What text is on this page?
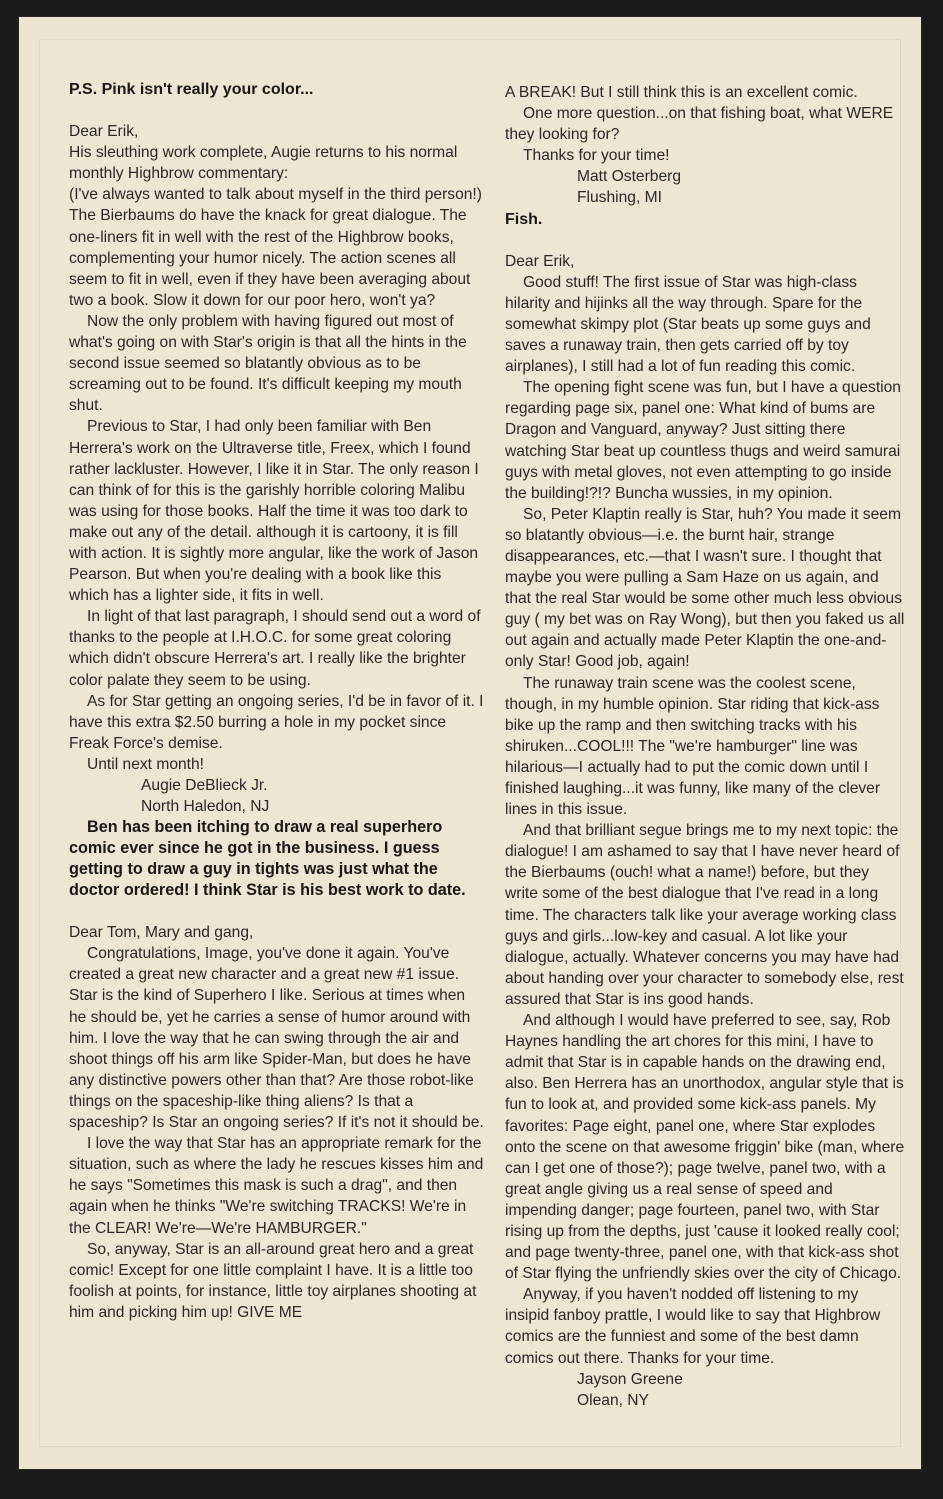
P.S. Pink isn't really your color...

Dear Erik,

His sleuthing work complete, Augie returns to his normal monthly Highbrow commentary:

(I've always wanted to talk about myself in the third person!)

The Bierbaums do have the knack for great dialogue. The one-liners fit in well with the rest of the Highbrow books, complementing your humor nicely. The action scenes all seem to fit in well, even if they have been averaging about two a book. Slow it down for our poor hero, won't ya?

Now the only problem with having figured out most of what's going on with Star's origin is that all the hints in the second issue seemed so blatantly obvious as to be screaming out to be found. It's difficult keeping my mouth shut.

Previous to Star, I had only been familiar with Ben Herrera's work on the Ultraverse title, Freex, which I found rather lackluster. However, I like it in Star. The only reason I can think of for this is the garishly horrible coloring Malibu was using for those books. Half the time it was too dark to make out any of the detail. although it is cartoony, it is fill with action. It is sightly more angular, like the work of Jason Pearson. But when you're dealing with a book like this which has a lighter side, it fits in well.

In light of that last paragraph, I should send out a word of thanks to the people at I.H.O.C. for some great coloring which didn't obscure Herrera's art. I really like the brighter color palate they seem to be using.

As for Star getting an ongoing series, I'd be in favor of it. I have this extra $2.50 burring a hole in my pocket since Freak Force's demise.

Until next month!

Augie DeBlieck Jr.

North Haledon, NJ

Ben has been itching to draw a real superhero comic ever since he got in the business. I guess getting to draw a guy in tights was just what the doctor ordered! I think Star is his best work to date.

Dear Tom, Mary and gang,

Congratulations, Image, you've done it again. You've created a great new character and a great new #1 issue. Star is the kind of Superhero I like. Serious at times when he should be, yet he carries a sense of humor around with him. I love the way that he can swing through the air and shoot things off his arm like Spider-Man, but does he have any distinctive powers other than that? Are those robot-like things on the spaceship-like thing aliens? Is that a spaceship? Is Star an ongoing series? If it's not it should be.

I love the way that Star has an appropriate remark for the situation, such as where the lady he rescues kisses him and he says "Sometimes this mask is such a drag", and then again when he thinks "We're switching TRACKS! We're in the CLEAR! We're—We're HAMBURGER."

So, anyway, Star is an all-around great hero and a great comic! Except for one little complaint I have. It is a little too foolish at points, for instance, little toy airplanes shooting at him and picking him up! GIVE ME

A BREAK! But I still think this is an excellent comic.

One more question...on that fishing boat, what WERE they looking for?

Thanks for your time!

Matt Osterberg

Flushing, MI

Fish.

Dear Erik,

Good stuff! The first issue of Star was high-class hilarity and hijinks all the way through. Spare for the somewhat skimpy plot (Star beats up some guys and saves a runaway train, then gets carried off by toy airplanes), I still had a lot of fun reading this comic.

The opening fight scene was fun, but I have a question regarding page six, panel one: What kind of bums are Dragon and Vanguard, anyway? Just sitting there watching Star beat up countless thugs and weird samurai guys with metal gloves, not even attempting to go inside the building!?!? Buncha wussies, in my opinion.

So, Peter Klaptin really is Star, huh? You made it seem so blatantly obvious—i.e. the burnt hair, strange disappearances, etc.—that I wasn't sure. I thought that maybe you were pulling a Sam Haze on us again, and that the real Star would be some other much less obvious guy ( my bet was on Ray Wong), but then you faked us all out again and actually made Peter Klaptin the one-and-only Star! Good job, again!

The runaway train scene was the coolest scene, though, in my humble opinion. Star riding that kick-ass bike up the ramp and then switching tracks with his shiruken...COOL!!! The "we're hamburger" line was hilarious—I actually had to put the comic down until I finished laughing...it was funny, like many of the clever lines in this issue.

And that brilliant segue brings me to my next topic: the dialogue! I am ashamed to say that I have never heard of the Bierbaums (ouch! what a name!) before, but they write some of the best dialogue that I've read in a long time. The characters talk like your average working class guys and girls...low-key and casual. A lot like your dialogue, actually. Whatever concerns you may have had about handing over your character to somebody else, rest assured that Star is ins good hands.

And although I would have preferred to see, say, Rob Haynes handling the art chores for this mini, I have to admit that Star is in capable hands on the drawing end, also. Ben Herrera has an unorthodox, angular style that is fun to look at, and provided some kick-ass panels. My favorites: Page eight, panel one, where Star explodes onto the scene on that awesome friggin' bike (man, where can I get one of those?); page twelve, panel two, with a great angle giving us a real sense of speed and impending danger; page fourteen, panel two, with Star rising up from the depths, just 'cause it looked really cool; and page twenty-three, panel one, with that kick-ass shot of Star flying the unfriendly skies over the city of Chicago.

Anyway, if you haven't nodded off listening to my insipid fanboy prattle, I would like to say that Highbrow comics are the funniest and some of the best damn comics out there. Thanks for your time.

Jayson Greene

Olean, NY
